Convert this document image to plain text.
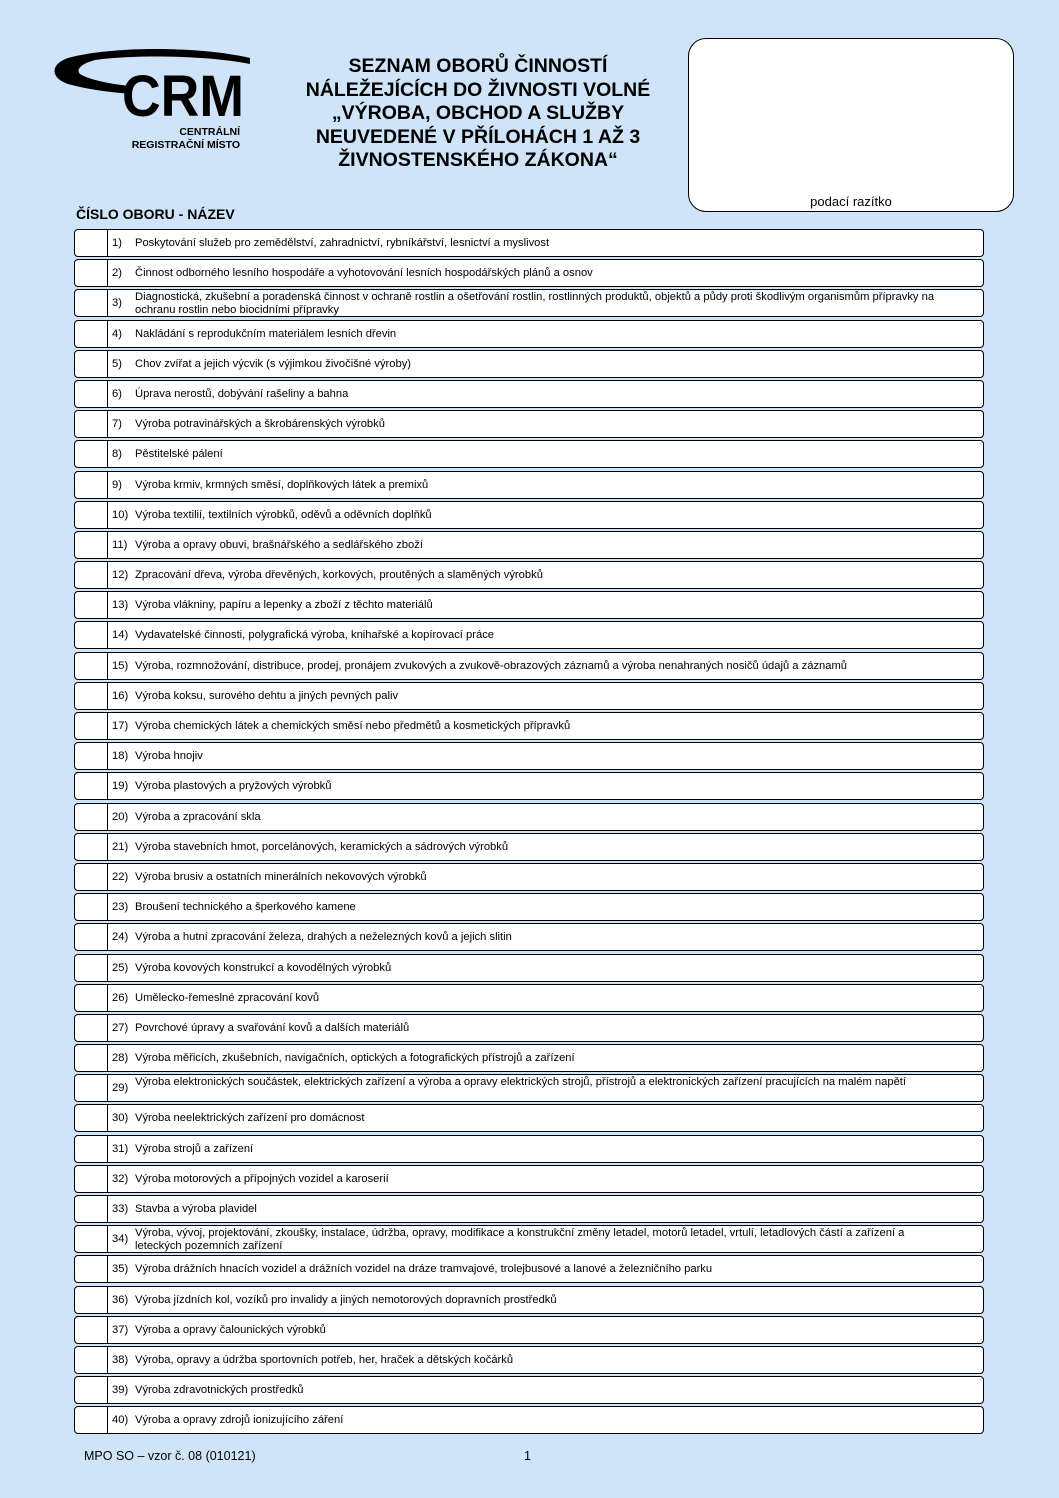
CRM
CENTRÁLNÍ
REGISTRAČNÍ MÍSTO
SEZNAM OBORŮ ČINNOSTÍ
NÁLEŽEJÍCÍCH DO ŽIVNOSTI VOLNÉ
„VÝROBA, OBCHOD A SLUŽBY
NEUVEDENÉ V PŘÍLOHÁCH 1 AŽ 3
ŽIVNOSTENSKÉHO ZÁKONA“
podací razítko
ČÍSLO OBORU - NÁZEV
1) Poskytování služeb pro zemědělství, zahradnictví, rybníkářství, lesnictví a myslivost
2) Činnost odborného lesního hospodáře a vyhotovování lesních hospodářských plánů a osnov
3) Diagnostická, zkušební a poradenská činnost v ochraně rostlin a ošetřování rostlin, rostlinných produktů, objektů a půdy proti škodlivým organismům přípravky na ochranu rostlin nebo biocidními přípravky
4) Nakládání s reprodukčním materiálem lesních dřevin
5) Chov zvířat a jejich výcvik (s výjimkou živočišné výroby)
6) Úprava nerostů, dobývání rašeliny a bahna
7) Výroba potravinářských a škrobárenských výrobků
8) Pěstitelské pálení
9) Výroba krmiv, krmných směsí, doplňkových látek a premixů
10) Výroba textilií, textilních výrobků, oděvů a oděvních doplňků
11) Výroba a opravy obuvi, brašnářského a sedlářského zboží
12) Zpracování dřeva, výroba dřevěných, korkových, proutěných a slaměných výrobků
13) Výroba vlákniny, papíru a lepenky a zboží z těchto materiálů
14) Vydavatelské činnosti, polygrafická výroba, knihařské a kopírovací práce
15) Výroba, rozmnožování, distribuce, prodej, pronájem zvukových a zvukově-obrazových záznamů a výroba nenahraných nosičů údajů a záznamů
16) Výroba koksu, surového dehtu a jiných pevných paliv
17) Výroba chemických látek a chemických směsí nebo předmětů a kosmetických přípravků
18) Výroba hnojiv
19) Výroba plastových a pryžových výrobků
20) Výroba a zpracování skla
21) Výroba stavebních hmot, porcelánových, keramických a sádrových výrobků
22) Výroba brusiv a ostatních minerálních nekovových výrobků
23) Broušení technického a šperkového kamene
24) Výroba a hutní zpracování železa, drahých a neželezných kovů a jejich slitin
25) Výroba kovových konstrukcí a kovodělných výrobků
26) Umělecko-řemeslné zpracování kovů
27) Povrchové úpravy a svařování kovů a dalších materiálů
28) Výroba měřicích, zkušebních, navigačních, optických a fotografických přístrojů a zařízení
29) Výroba elektronických součástek, elektrických zařízení a výroba a opravy elektrických strojů, přístrojů a elektronických zařízení pracujících na malém napětí
30) Výroba neelektrických zařízení pro domácnost
31) Výroba strojů a zařízení
32) Výroba motorových a přípojných vozidel a karoserií
33) Stavba a výroba plavidel
34) Výroba, vývoj, projektování, zkoušky, instalace, údržba, opravy, modifikace a konstrukční změny letadel, motorů letadel, vrtulí, letadlových částí a zařízení a leteckých pozemních zařízení
35) Výroba drážních hnacích vozidel a drážních vozidel na dráze tramvajové, trolejbusové a lanové a železničního parku
36) Výroba jízdních kol, vozíků pro invalidy a jiných nemotorových dopravních prostředků
37) Výroba a opravy čalounických výrobků
38) Výroba, opravy a údržba sportovních potřeb, her, hraček a dětských kočárků
39) Výroba zdravotnických prostředků
40) Výroba a opravy zdrojů ionizujícího záření
MPO SO – vzor č. 08 (010121)	1
